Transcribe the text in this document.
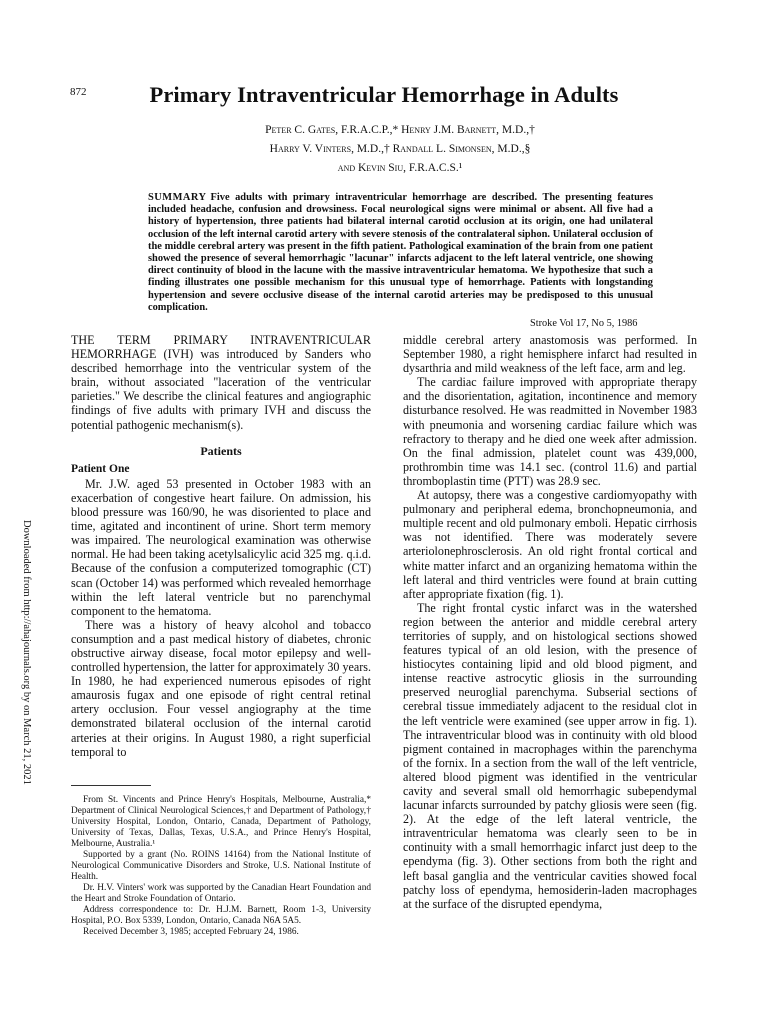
872	Primary Intraventricular Hemorrhage in Adults
Peter C. Gates, F.R.A.C.P.,* Henry J.M. Barnett, M.D.,†
Harry V. Vinters, M.D.,† Randall L. Simonsen, M.D.,§
and Kevin Siu, F.R.A.C.S.¹
SUMMARY Five adults with primary intraventricular hemorrhage are described. The presenting features included headache, confusion and drowsiness. Focal neurological signs were minimal or absent. All five had a history of hypertension, three patients had bilateral internal carotid occlusion at its origin, one had unilateral occlusion of the left internal carotid artery with severe stenosis of the contralateral siphon. Unilateral occlusion of the middle cerebral artery was present in the fifth patient. Pathological examination of the brain from one patient showed the presence of several hemorrhagic "lacunar" infarcts adjacent to the left lateral ventricle, one showing direct continuity of blood in the lacune with the massive intraventricular hematoma. We hypothesize that such a finding illustrates one possible mechanism for this unusual type of hemorrhage. Patients with longstanding hypertension and severe occlusive disease of the internal carotid arteries may be predisposed to this unusual complication.
Stroke Vol 17, No 5, 1986

THE TERM PRIMARY INTRAVENTRICULAR HEMORRHAGE (IVH) was introduced by Sanders who described hemorrhage into the ventricular system of the brain, without associated "laceration of the ventricular parieties." We describe the clinical features and angiographic findings of five adults with primary IVH and discuss the potential pathogenic mechanism(s).

Patients
Patient One

Mr. J.W. aged 53 presented in October 1983 with an exacerbation of congestive heart failure. On admission, his blood pressure was 160/90, he was disoriented to place and time, agitated and incontinent of urine. Short term memory was impaired. The neurological examination was otherwise normal. He had been taking acetylsalicylic acid 325 mg. q.i.d. Because of the confusion a computerized tomographic (CT) scan (October 14) was performed which revealed hemorrhage within the left lateral ventricle but no parenchymal component to the hematoma.

There was a history of heavy alcohol and tobacco consumption and a past medical history of diabetes, chronic obstructive airway disease, focal motor epilepsy and well-controlled hypertension, the latter for approximately 30 years. In 1980, he had experienced numerous episodes of right amaurosis fugax and one episode of right central retinal artery occlusion. Four vessel angiography at the time demonstrated bilateral occlusion of the internal carotid arteries at their origins. In August 1980, a right superficial temporal to

From St. Vincents and Prince Henry's Hospitals, Melbourne, Australia,* Department of Clinical Neurological Sciences,† and Department of Pathology,† University Hospital, London, Ontario, Canada, Department of Pathology, University of Texas, Dallas, Texas, U.S.A., and Prince Henry's Hospital, Melbourne, Australia.¹

Supported by a grant (No. ROINS 14164) from the National Institute of Neurological Communicative Disorders and Stroke, U.S. National Institute of Health.

Dr. H.V. Vinters' work was supported by the Canadian Heart Foundation and the Heart and Stroke Foundation of Ontario.

Address correspondence to: Dr. H.J.M. Barnett, Room 1-3, University Hospital, P.O. Box 5339, London, Ontario, Canada N6A 5A5.

Received December 3, 1985; accepted February 24, 1986.

middle cerebral artery anastomosis was performed. In September 1980, a right hemisphere infarct had resulted in dysarthria and mild weakness of the left face, arm and leg.

The cardiac failure improved with appropriate therapy and the disorientation, agitation, incontinence and memory disturbance resolved. He was readmitted in November 1983 with pneumonia and worsening cardiac failure which was refractory to therapy and he died one week after admission. On the final admission, platelet count was 439,000, prothrombin time was 14.1 sec. (control 11.6) and partial thromboplastin time (PTT) was 28.9 sec.

At autopsy, there was a congestive cardiomyopathy with pulmonary and peripheral edema, bronchopneumonia, and multiple recent and old pulmonary emboli. Hepatic cirrhosis was not identified. There was moderately severe arteriolonephrosclerosis. An old right frontal cortical and white matter infarct and an organizing hematoma within the left lateral and third ventricles were found at brain cutting after appropriate fixation (fig. 1).

The right frontal cystic infarct was in the watershed region between the anterior and middle cerebral artery territories of supply, and on histological sections showed features typical of an old lesion, with the presence of histiocytes containing lipid and old blood pigment, and intense reactive astrocytic gliosis in the surrounding preserved neuroglial parenchyma. Subserial sections of cerebral tissue immediately adjacent to the residual clot in the left ventricle were examined (see upper arrow in fig. 1). The intraventricular blood was in continuity with old blood pigment contained in macrophages within the parenchyma of the fornix. In a section from the wall of the left ventricle, altered blood pigment was identified in the ventricular cavity and several small old hemorrhagic subependymal lacunar infarcts surrounded by patchy gliosis were seen (fig. 2). At the edge of the left lateral ventricle, the intraventricular hematoma was clearly seen to be in continuity with a small hemorrhagic infarct just deep to the ependyma (fig. 3). Other sections from both the right and left basal ganglia and the ventricular cavities showed focal patchy loss of ependyma, hemosiderin-laden macrophages at the surface of the disrupted ependyma,

Downloaded from http://ahajournals.org by on March 21, 2021
